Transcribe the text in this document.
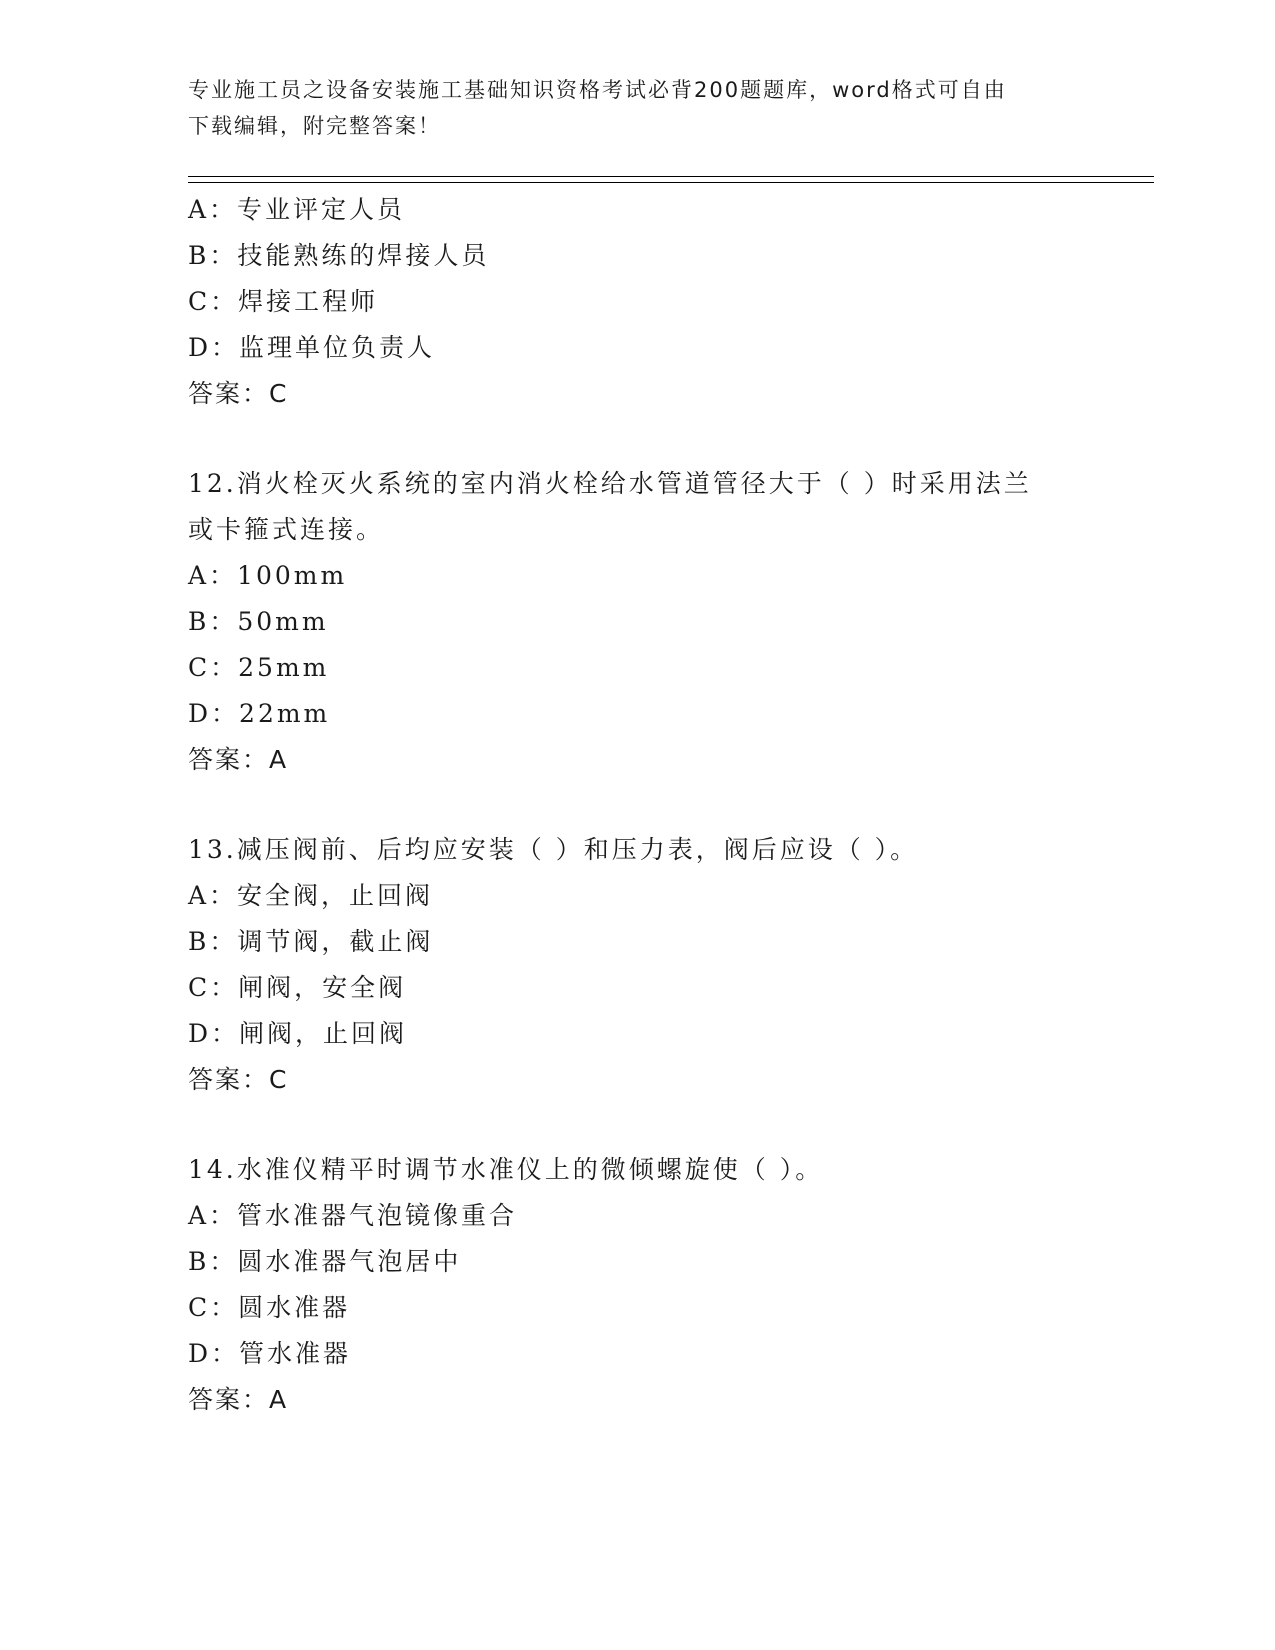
专业施工员之设备安装施工基础知识资格考试必背200题题库，word格式可自由
下载编辑，附完整答案！
A：专业评定人员
B：技能熟练的焊接人员
C：焊接工程师
D：监理单位负责人
答案：C
12.消火栓灭火系统的室内消火栓给水管道管径大于（ ）时采用法兰
或卡箍式连接。
A：100mm
B：50mm
C：25mm
D：22mm
答案：A
13.减压阀前、后均应安装（ ）和压力表，阀后应设（ ）。
A：安全阀，止回阀
B：调节阀，截止阀
C：闸阀，安全阀
D：闸阀，止回阀
答案：C
14.水准仪精平时调节水准仪上的微倾螺旋使（ ）。
A：管水准器气泡镜像重合
B：圆水准器气泡居中
C：圆水准器
D：管水准器
答案：A
